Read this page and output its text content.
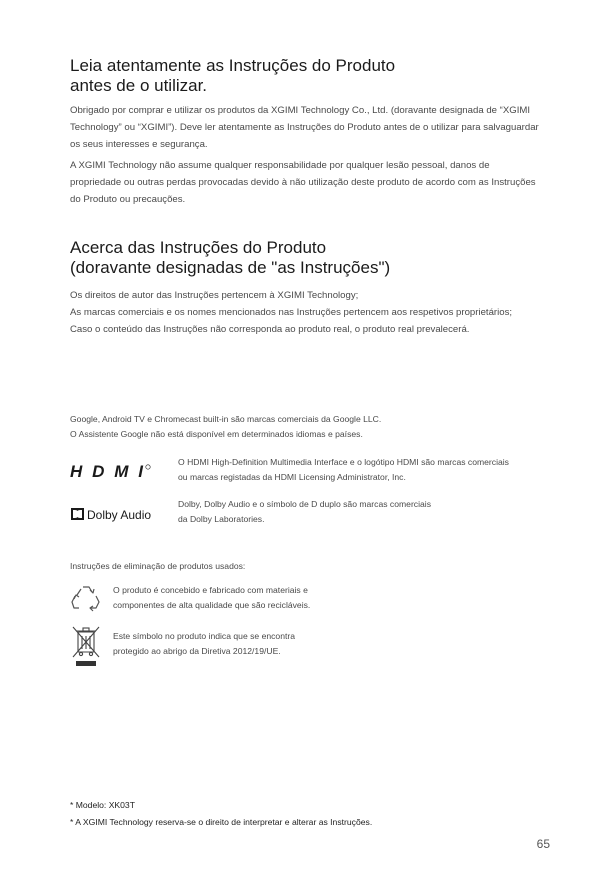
Leia atentamente as Instruções do Produto
antes de o utilizar.

Obrigado por comprar e utilizar os produtos da XGIMI Technology Co., Ltd. (doravante designada de “XGIMI Technology” ou “XGIMI”). Deve ler atentamente as Instruções do Produto antes de o utilizar para salvaguardar os seus interesses e segurança.

A XGIMI Technology não assume qualquer responsabilidade por qualquer lesão pessoal, danos de propriedade ou outras perdas provocadas devido à não utilização deste produto de acordo com as Instruções do Produto ou precauções.

Acerca das Instruções do Produto
(doravante designadas de "as Instruções")

Os direitos de autor das Instruções pertencem à XGIMI Technology;

As marcas comerciais e os nomes mencionados nas Instruções pertencem aos respetivos proprietários;

Caso o conteúdo das Instruções não corresponda ao produto real, o produto real prevalecerá.

Google, Android TV e Chromecast built-in são marcas comerciais da Google LLC.

O Assistente Google não está disponível em determinados idiomas e países.

HDMI	O HDMI High-Definition Multimedia Interface e o logótipo HDMI são marcas comerciais ou marcas registadas da HDMI Licensing Administrator, Inc.

Dolby Audio

Dolby, Dolby Audio e o símbolo de D duplo são marcas comerciais da Dolby Laboratories.

Instruções de eliminação de produtos usados:

O produto é concebido e fabricado com materiais e componentes de alta qualidade que são recicláveis.

Este símbolo no produto indica que se encontra protegido ao abrigo da Diretiva 2012/19/UE.

* Modelo: XK03T

* A XGIMI Technology reserva-se o direito de interpretar e alterar as Instruções.

65
